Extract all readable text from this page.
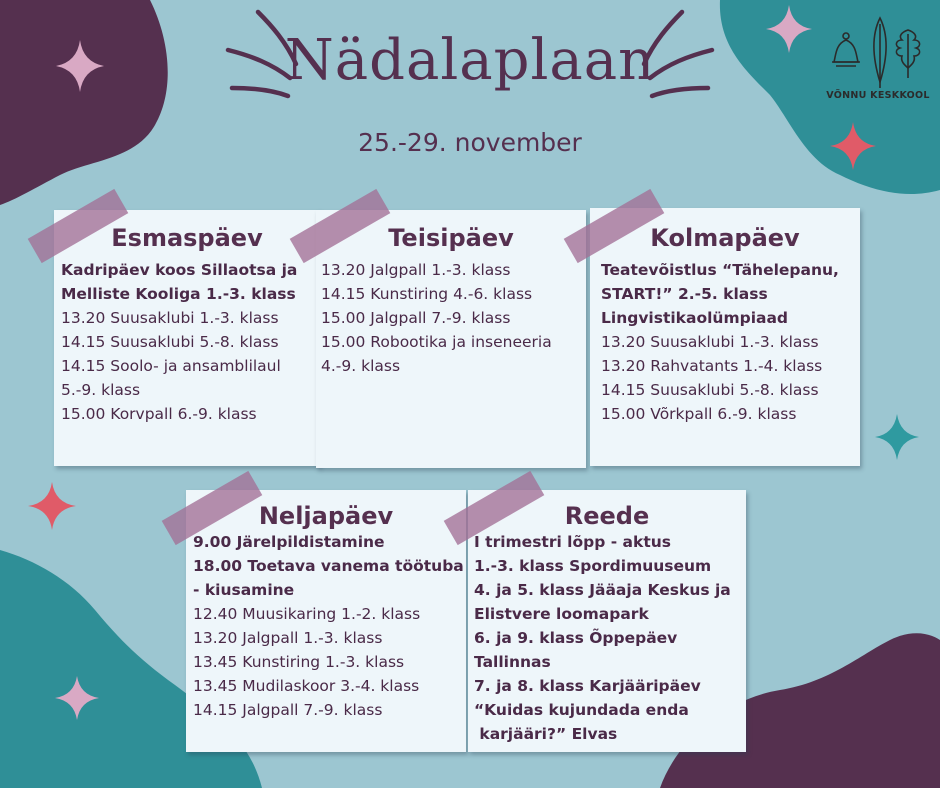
Nädalaplaan
25.-29. november
VÕNNU KESKKOOL
Esmaspäev
Kadripäev koos Sillaotsa ja
Melliste Kooliga 1.-3. klass
13.20 Suusaklubi 1.-3. klass
14.15 Suusaklubi 5.-8. klass
14.15 Soolo- ja ansamblilaul
5.-9. klass
15.00 Korvpall 6.-9. klass
Teisipäev
13.20 Jalgpall 1.-3. klass
14.15 Kunstiring 4.-6. klass
15.00 Jalgpall 7.-9. klass
15.00 Robootika ja inseneeria
4.-9. klass
Kolmapäev
Teatevõistlus “Tähelepanu,
START!” 2.-5. klass
Lingvistikaolümpiaad
13.20 Suusaklubi 1.-3. klass
13.20 Rahvatants 1.-4. klass
14.15 Suusaklubi 5.-8. klass
15.00 Võrkpall 6.-9. klass
Neljapäev
9.00 Järelpildistamine
18.00 Toetava vanema töötuba
- kiusamine
12.40 Muusikaring 1.-2. klass
13.20 Jalgpall 1.-3. klass
13.45 Kunstiring 1.-3. klass
13.45 Mudilaskoor 3.-4. klass
14.15 Jalgpall 7.-9. klass
Reede
I trimestri lõpp - aktus
1.-3. klass Spordimuuseum
4. ja 5. klass Jääaja Keskus ja
Elistvere loomapark
6. ja 9. klass Õppepäev
Tallinnas
7. ja 8. klass Karjääripäev
“Kuidas kujundada enda
karjääri?” Elvas
